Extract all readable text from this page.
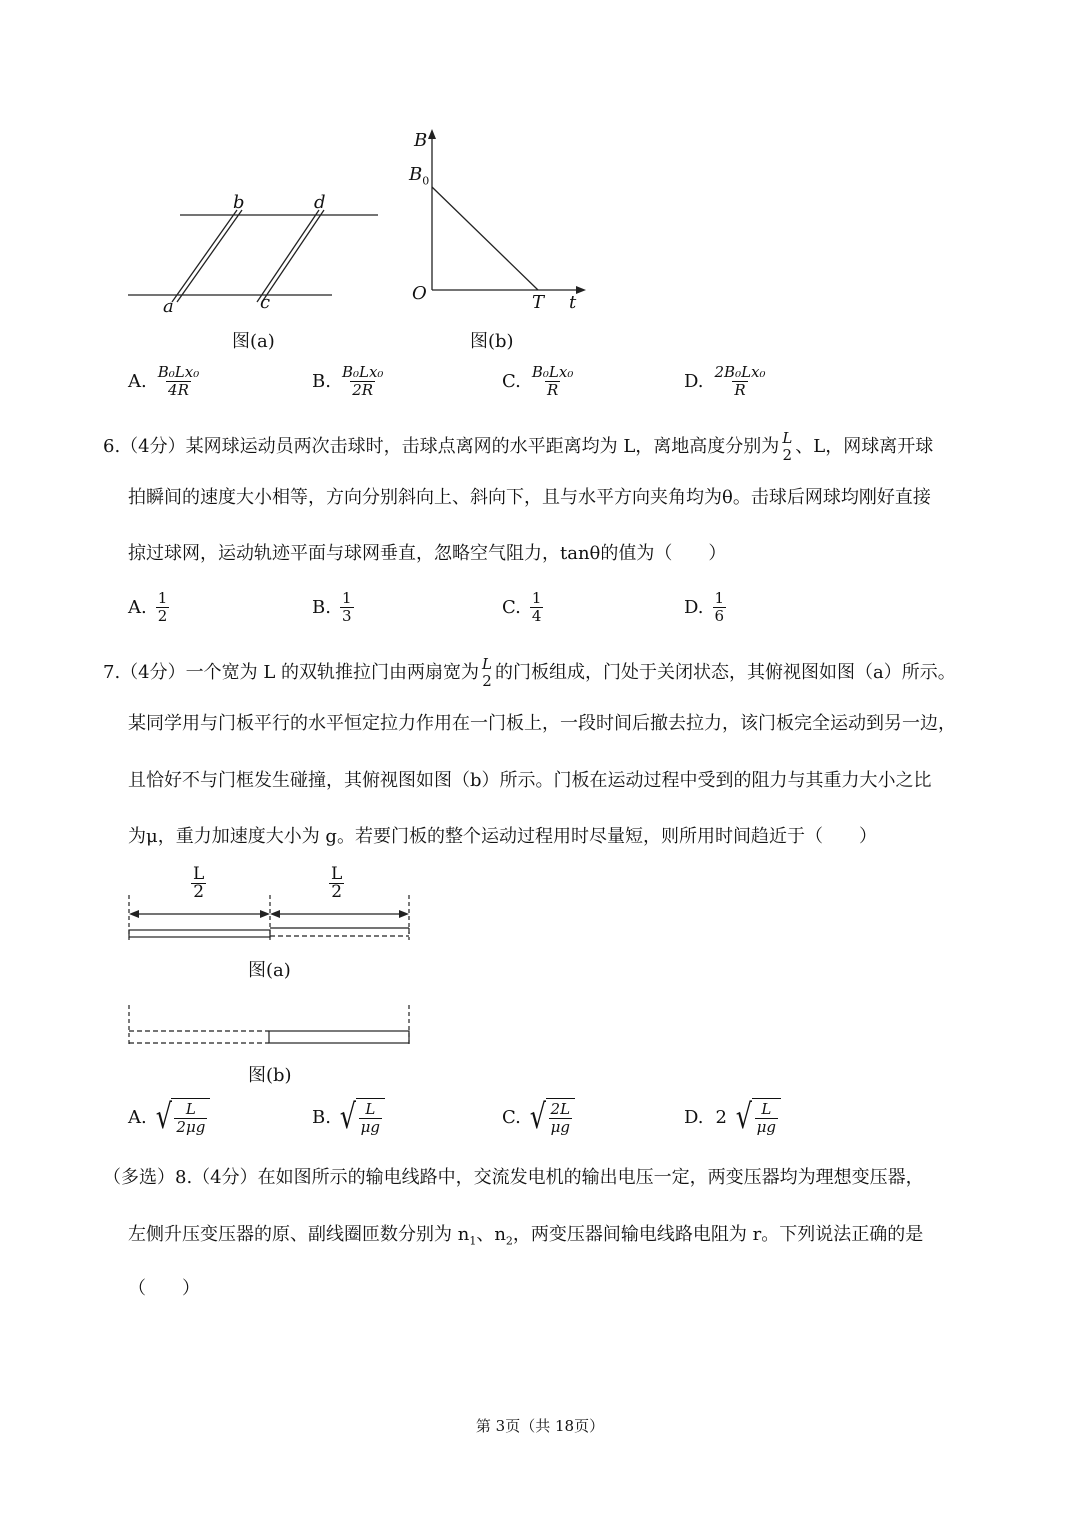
b	d
a	c
图(a)
B
$B_0$
O	T t
图(b)
A. $\frac{\text{B₀Lx₀}}{4R}$	B. $\frac{\text{B₀Lx₀}}{2R}$	C. $\frac{\text{B₀Lx₀}}{R}$	D. $\frac{\text{2B₀Lx₀}}{R}$
6.（4分）某网球运动员两次击球时，击球点离网的水平距离均为 L，离地高度分别为 L
2 、L，网球离开球
拍瞬间的速度大小相等，方向分别斜向上、斜向下，且与水平方向夹角均为θ。击球后网球均刚好直接
掠过球网，运动轨迹平面与球网垂直，忽略空气阻力，tanθ的值为（　　）
A. $\frac{1}{2}$	B. $\frac{1}{3}$	C. $\frac{1}{4}$	D. $\frac{1}{6}$
7.（4分）一个宽为 L 的双轨推拉门由两扇宽为 L
2 的门板组成，门处于关闭状态，其俯视图如图（a）所示。
某同学用与门板平行的水平恒定拉力作用在一门板上，一段时间后撤去拉力，该门板完全运动到另一边，
且恰好不与门框发生碰撞，其俯视图如图（b）所示。门板在运动过程中受到的阻力与其重力大小之比
为μ，重力加速度大小为 g。若要门板的整个运动过程用时尽量短，则所用时间趋近于（　　）
$\frac{L}{2}$	$\frac{L}{2}$
图(a)
图(b)
A. √ $\frac{L}{2\mu g}$	B. √ $\frac{L}{\mu g}$	C. √ $\frac{2L}{\mu g}$	D. 2 √ $\frac{L}{\mu g}$
（多选）8.（4分）在如图所示的输电线路中，交流发电机的输出电压一定，两变压器均为理想变压器，
左侧升压变压器的原、副线圈匝数分别为 $n_1$、$n_2$，两变压器间输电线路电阻为 r。下列说法正确的是
（　　）
第 3页（共 18页）
